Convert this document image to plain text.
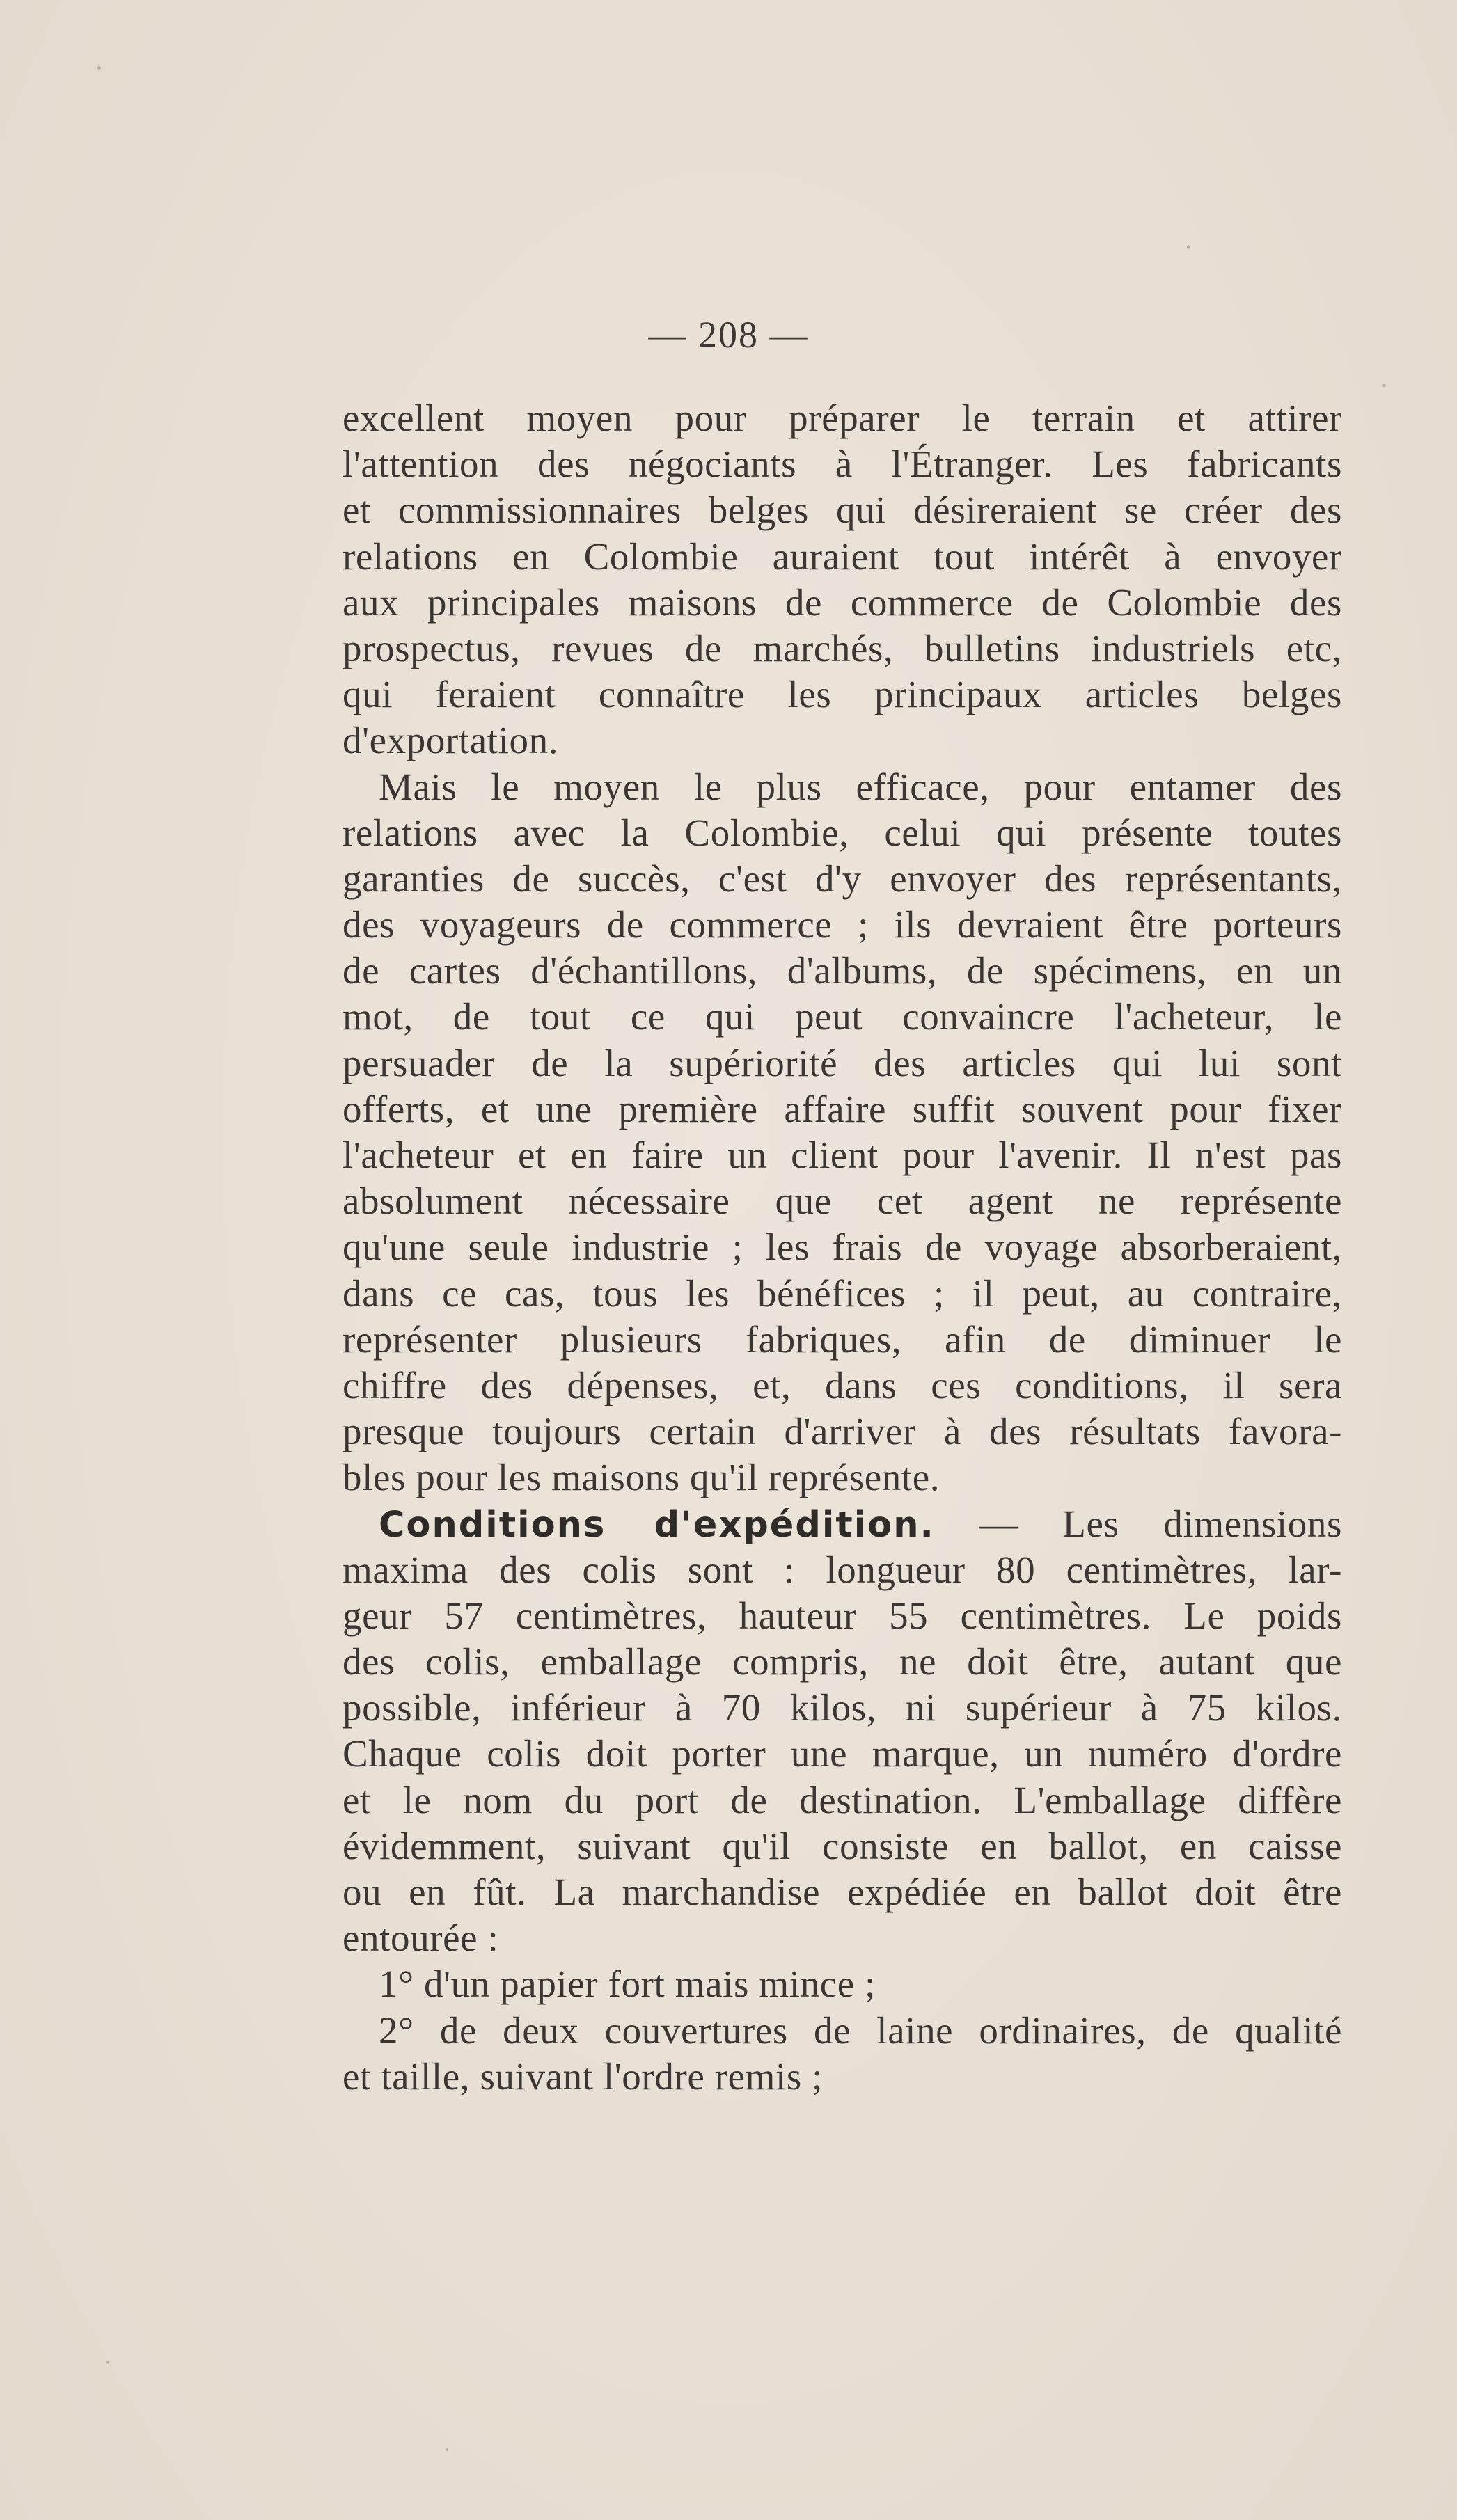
— 208 —
excellent moyen pour préparer le terrain et attirer
l'attention des négociants à l'Étranger. Les fabricants
et commissionnaires belges qui désireraient se créer des
relations en Colombie auraient tout intérêt à envoyer
aux principales maisons de commerce de Colombie des
prospectus, revues de marchés, bulletins industriels etc,
qui feraient connaître les principaux articles belges
d'exportation.
Mais le moyen le plus efficace, pour entamer des
relations avec la Colombie, celui qui présente toutes
garanties de succès, c'est d'y envoyer des représentants,
des voyageurs de commerce ; ils devraient être porteurs
de cartes d'échantillons, d'albums, de spécimens, en un
mot, de tout ce qui peut convaincre l'acheteur, le
persuader de la supériorité des articles qui lui sont
offerts, et une première affaire suffit souvent pour fixer
l'acheteur et en faire un client pour l'avenir. Il n'est pas
absolument nécessaire que cet agent ne représente
qu'une seule industrie ; les frais de voyage absorberaient,
dans ce cas, tous les bénéfices ; il peut, au contraire,
représenter plusieurs fabriques, afin de diminuer le
chiffre des dépenses, et, dans ces conditions, il sera
presque toujours certain d'arriver à des résultats favora-
bles pour les maisons qu'il représente.
Conditions d'expédition. — Les dimensions
maxima des colis sont : longueur 80 centimètres, lar-
geur 57 centimètres, hauteur 55 centimètres. Le poids
des colis, emballage compris, ne doit être, autant que
possible, inférieur à 70 kilos, ni supérieur à 75 kilos.
Chaque colis doit porter une marque, un numéro d'ordre
et le nom du port de destination. L'emballage diffère
évidemment, suivant qu'il consiste en ballot, en caisse
ou en fût. La marchandise expédiée en ballot doit être
entourée :
1° d'un papier fort mais mince ;
2° de deux couvertures de laine ordinaires, de qualité
et taille, suivant l'ordre remis ;
